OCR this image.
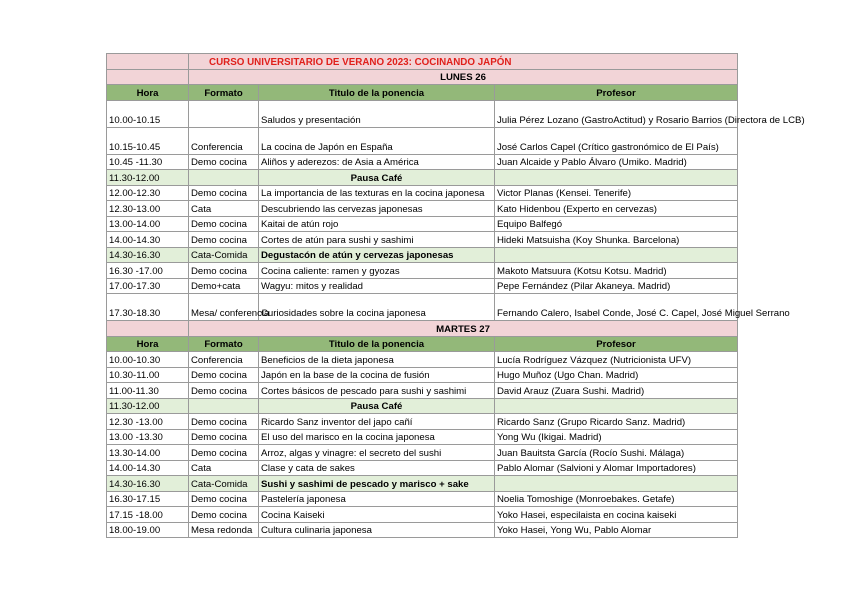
	CURSO UNIVERSITARIO DE VERANO 2023: COCINANDO JAPÓN		
	LUNES 26		
Hora	Formato	Titulo de la ponencia	Profesor
10.00-10.15		Saludos y presentación	Julia Pérez Lozano (GastroActitud) y Rosario Barrios (Directora de LCB)
10.15-10.45	Conferencia	La cocina de Japón en España	José Carlos Capel (Crítico gastronómico de El País)
10.45 -11.30	Demo cocina	Aliños y aderezos: de Asia a América	Juan Alcaide y Pablo Álvaro (Umiko. Madrid)
11.30-12.00		Pausa Café	
12.00-12.30	Demo cocina	La importancia de las texturas en la cocina japonesa	Victor Planas (Kensei. Tenerife)
12.30-13.00	Cata	Descubriendo las cervezas japonesas	Kato Hidenbou (Experto en cervezas)
13.00-14.00	Demo cocina	Kaitai de atún rojo	Equipo Balfegó
14.00-14.30	Demo cocina	Cortes de atún para sushi y sashimi	Hideki Matsuisha (Koy Shunka. Barcelona)
14.30-16.30	Cata-Comida	Degustacón de atún y cervezas japonesas	
16.30 -17.00	Demo cocina	Cocina caliente: ramen y gyozas	Makoto Matsuura (Kotsu Kotsu. Madrid)
17.00-17.30	Demo+cata	Wagyu: mitos y realidad	Pepe Fernández (Pilar Akaneya. Madrid)
17.30-18.30	Mesa/ conferencia	Curiosidades sobre la cocina japonesa	Fernando Calero, Isabel Conde, José C. Capel, José Miguel Serrano
	MARTES 27		
Hora	Formato	Titulo de la ponencia	Profesor
10.00-10.30	Conferencia	Beneficios de la dieta japonesa	Lucía Rodríguez Vázquez (Nutricionista UFV)
10.30-11.00	Demo cocina	Japón en la base de la cocina de fusión	Hugo Muñoz (Ugo Chan. Madrid)
11.00-11.30	Demo cocina	Cortes básicos de pescado para sushi y sashimi	David Arauz (Zuara Sushi. Madrid)
11.30-12.00		Pausa Café	
12.30 -13.00	Demo cocina	Ricardo Sanz inventor del japo cañí	Ricardo Sanz (Grupo Ricardo Sanz. Madrid)
13.00 -13.30	Demo cocina	El uso del marisco en la cocina japonesa	Yong Wu (Ikigai. Madrid)
13.30-14.00	Demo cocina	Arroz, algas y vinagre: el secreto del sushi	Juan Bauitsta García (Rocío Sushi. Málaga)
14.00-14.30	Cata	Clase y cata de sakes	Pablo Alomar (Salvioni y Alomar Importadores)
14.30-16.30	Cata-Comida	Sushi y sashimi de pescado y marisco + sake	
16.30-17.15	Demo cocina	Pastelería japonesa	Noelia Tomoshige (Monroebakes. Getafe)
17.15 -18.00	Demo cocina	Cocina Kaiseki	Yoko Hasei, especilaista en cocina kaiseki
18.00-19.00	Mesa redonda	Cultura culinaria japonesa	Yoko Hasei, Yong Wu, Pablo Alomar
